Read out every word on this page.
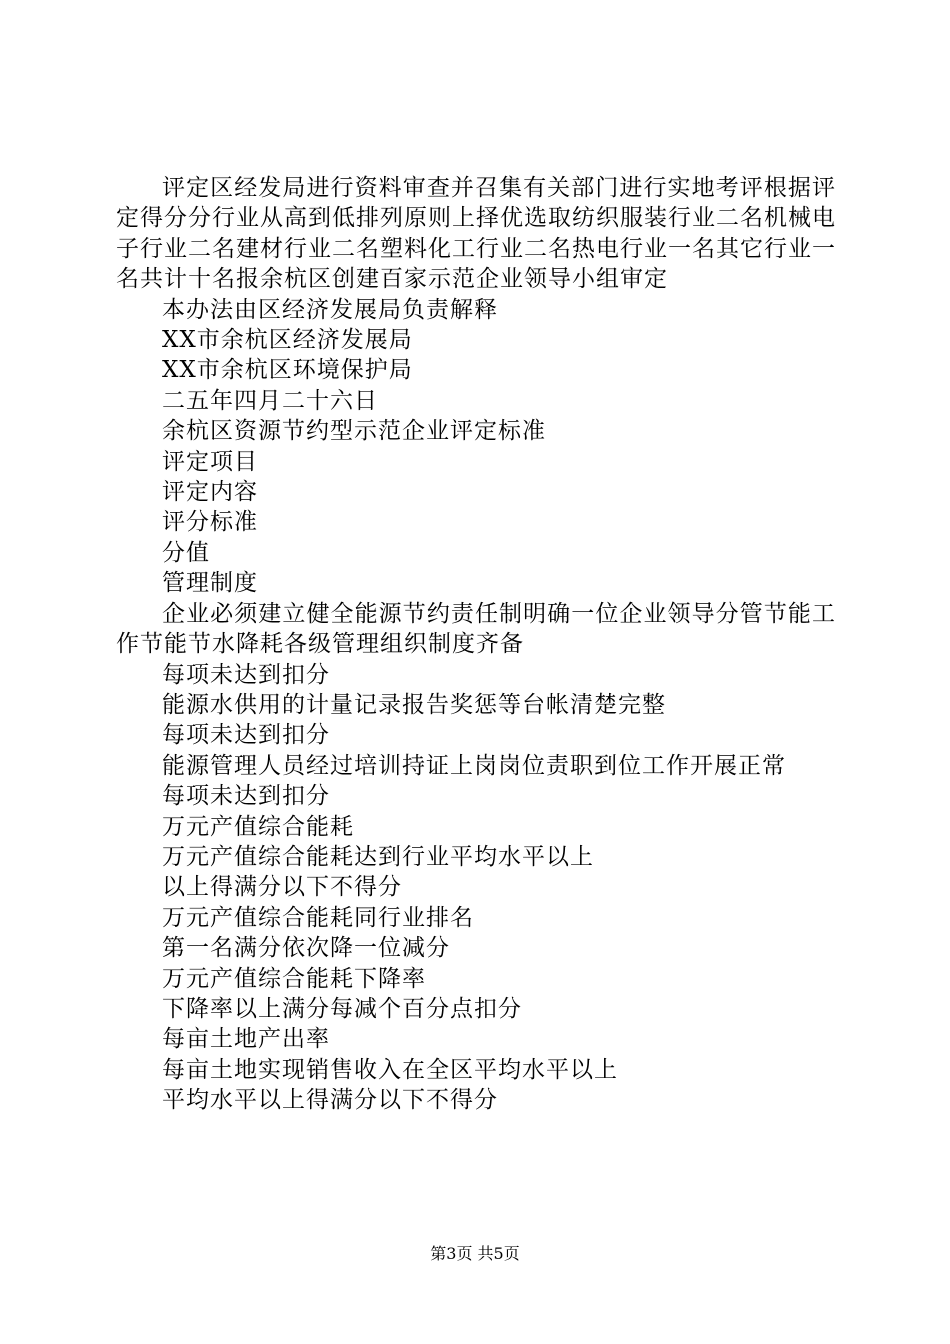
评定区经发局进行资料审查并召集有关部门进行实地考评根据评定得分分行业从高到低排列原则上择优选取纺织服装行业二名机械电子行业二名建材行业二名塑料化工行业二名热电行业一名其它行业一名共计十名报余杭区创建百家示范企业领导小组审定

本办法由区经济发展局负责解释

XX市余杭区经济发展局

XX市余杭区环境保护局

二五年四月二十六日

余杭区资源节约型示范企业评定标准

评定项目

评定内容

评分标准

分值

管理制度

企业必须建立健全能源节约责任制明确一位企业领导分管节能工作节能节水降耗各级管理组织制度齐备

每项未达到扣分

能源水供用的计量记录报告奖惩等台帐清楚完整

每项未达到扣分

能源管理人员经过培训持证上岗岗位责职到位工作开展正常

每项未达到扣分

万元产值综合能耗

万元产值综合能耗达到行业平均水平以上

以上得满分以下不得分

万元产值综合能耗同行业排名

第一名满分依次降一位减分

万元产值综合能耗下降率

下降率以上满分每减个百分点扣分

每亩土地产出率

每亩土地实现销售收入在全区平均水平以上

平均水平以上得满分以下不得分

第3页 共5页
